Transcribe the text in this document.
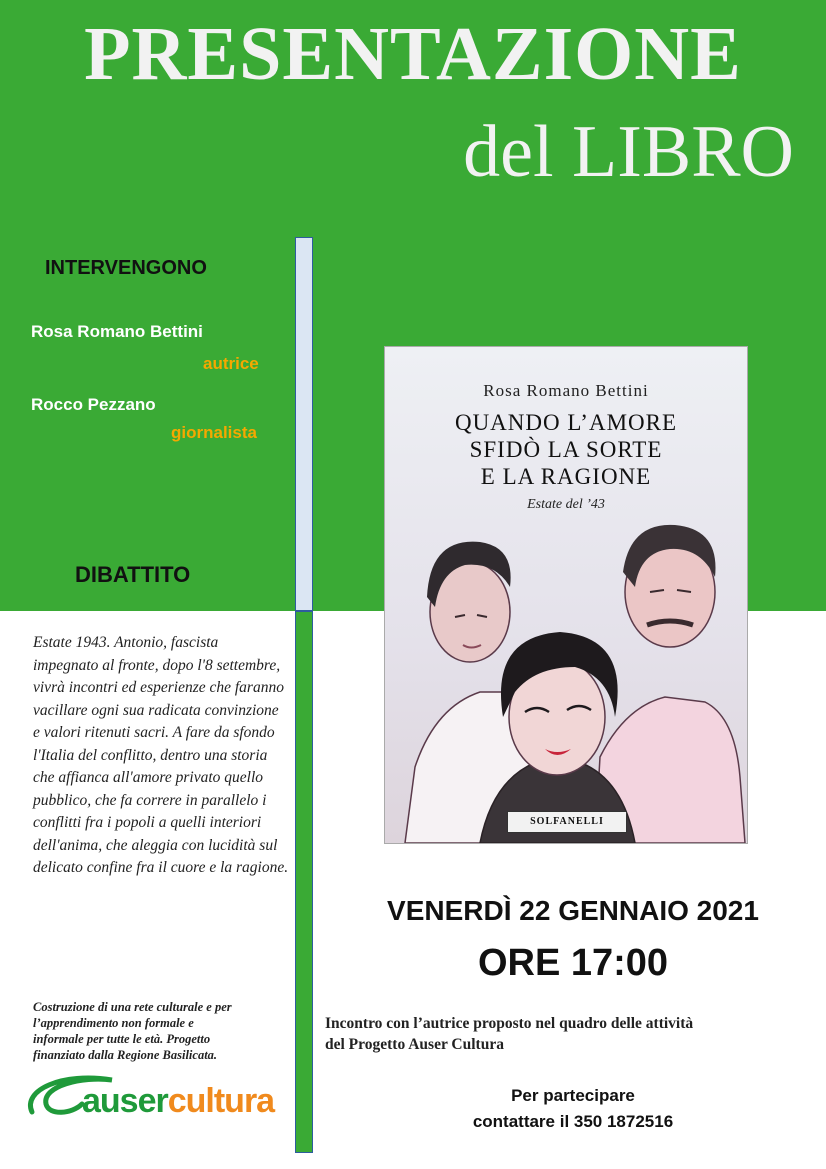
PRESENTAZIONE
del LIBRO
INTERVENGONO
Rosa Romano Bettini
autrice
Rocco Pezzano
giornalista
DIBATTITO
Estate 1943. Antonio, fascista
impegnato al fronte, dopo l'8 settembre,
vivrà incontri ed esperienze che faranno
vacillare ogni sua radicata convinzione
e valori ritenuti sacri. A fare da sfondo
l'Italia del conflitto, dentro una storia
che affianca all'amore privato quello
pubblico, che fa correre in parallelo i
conflitti fra i popoli a quelli interiori
dell'anima, che aleggia con lucidità sul
delicato confine fra il cuore e la ragione.
Costruzione di una rete culturale e per
l’apprendimento non formale e
informale per tutte le età. Progetto
finanziato dalla Regione Basilicata.
ausercultura
Rosa Romano Bettini
QUANDO L’AMORE
SFIDÒ LA SORTE
E LA RAGIONE
Estate del ’43
SOLFANELLI
VENERDÌ 22 GENNAIO 2021
ORE 17:00
Incontro con l’autrice proposto nel quadro delle attività
del Progetto Auser Cultura
Per partecipare
contattare il 350 1872516
